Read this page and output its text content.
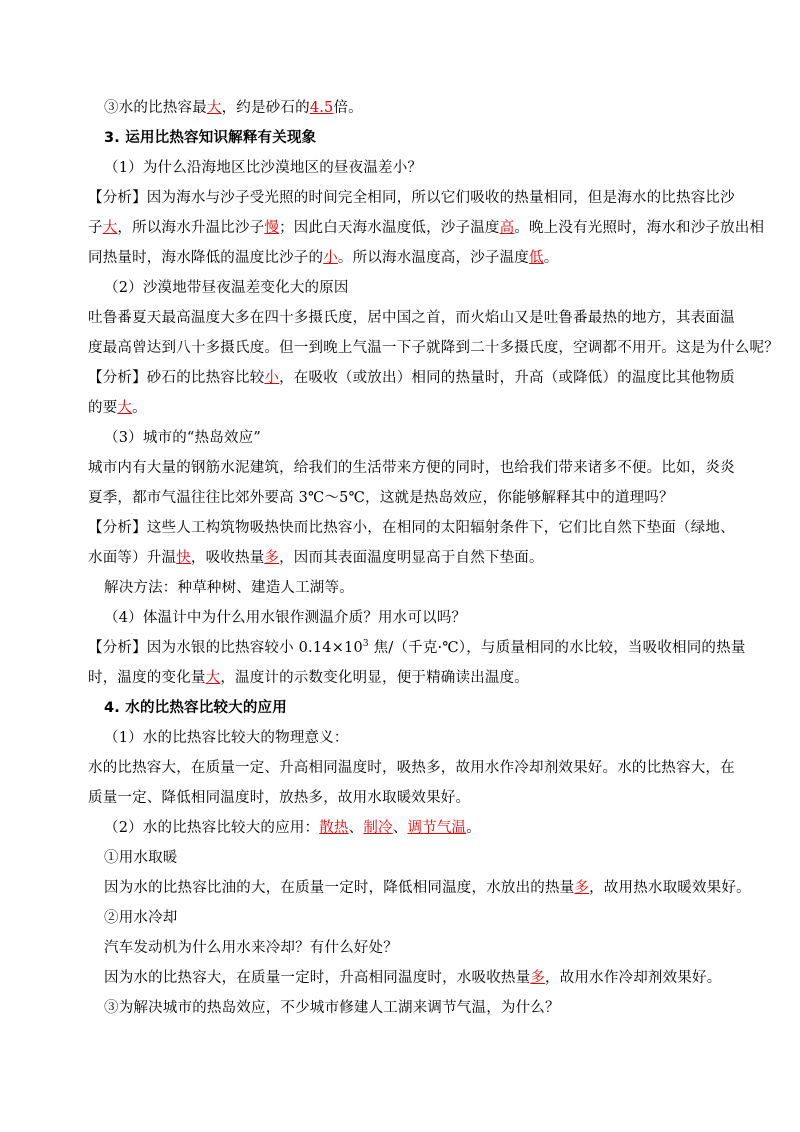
③水的比热容最大，约是砂石的4.5倍。
3. 运用比热容知识解释有关现象
（1）为什么沿海地区比沙漠地区的昼夜温差小？
【分析】因为海水与沙子受光照的时间完全相同，所以它们吸收的热量相同，但是海水的比热容比沙
子大，所以海水升温比沙子慢；因此白天海水温度低，沙子温度高。晚上没有光照时，海水和沙子放出相
同热量时，海水降低的温度比沙子的小。所以海水温度高，沙子温度低。
（2）沙漠地带昼夜温差变化大的原因
吐鲁番夏天最高温度大多在四十多摄氏度，居中国之首，而火焰山又是吐鲁番最热的地方，其表面温
度最高曾达到八十多摄氏度。但一到晚上气温一下子就降到二十多摄氏度，空调都不用开。这是为什么呢？
【分析】砂石的比热容比较小，在吸收（或放出）相同的热量时，升高（或降低）的温度比其他物质
的要大。
（3）城市的“热岛效应”
城市内有大量的钢筋水泥建筑，给我们的生活带来方便的同时，也给我们带来诸多不便。比如，炎炎
夏季，都市气温往往比郊外要高 3℃～5℃，这就是热岛效应，你能够解释其中的道理吗？
【分析】这些人工构筑物吸热快而比热容小，在相同的太阳辐射条件下，它们比自然下垫面（绿地、
水面等）升温快，吸收热量多，因而其表面温度明显高于自然下垫面。
解决方法：种草种树、建造人工湖等。
（4）体温计中为什么用水银作测温介质？用水可以吗？
【分析】因为水银的比热容较小 $0.14\times 10^3$ 焦/（千克·℃），与质量相同的水比较，当吸收相同的热量
时，温度的变化量大，温度计的示数变化明显，便于精确读出温度。
4. 水的比热容比较大的应用
（1）水的比热容比较大的物理意义：
水的比热容大，在质量一定、升高相同温度时，吸热多，故用水作冷却剂效果好。水的比热容大，在
质量一定、降低相同温度时，放热多，故用水取暖效果好。
（2）水的比热容比较大的应用：散热、制冷、调节气温。
①用水取暖
因为水的比热容比油的大，在质量一定时，降低相同温度，水放出的热量多，故用热水取暖效果好。
②用水冷却
汽车发动机为什么用水来冷却？有什么好处？
因为水的比热容大，在质量一定时，升高相同温度时，水吸收热量多，故用水作冷却剂效果好。
③为解决城市的热岛效应，不少城市修建人工湖来调节气温，为什么？
